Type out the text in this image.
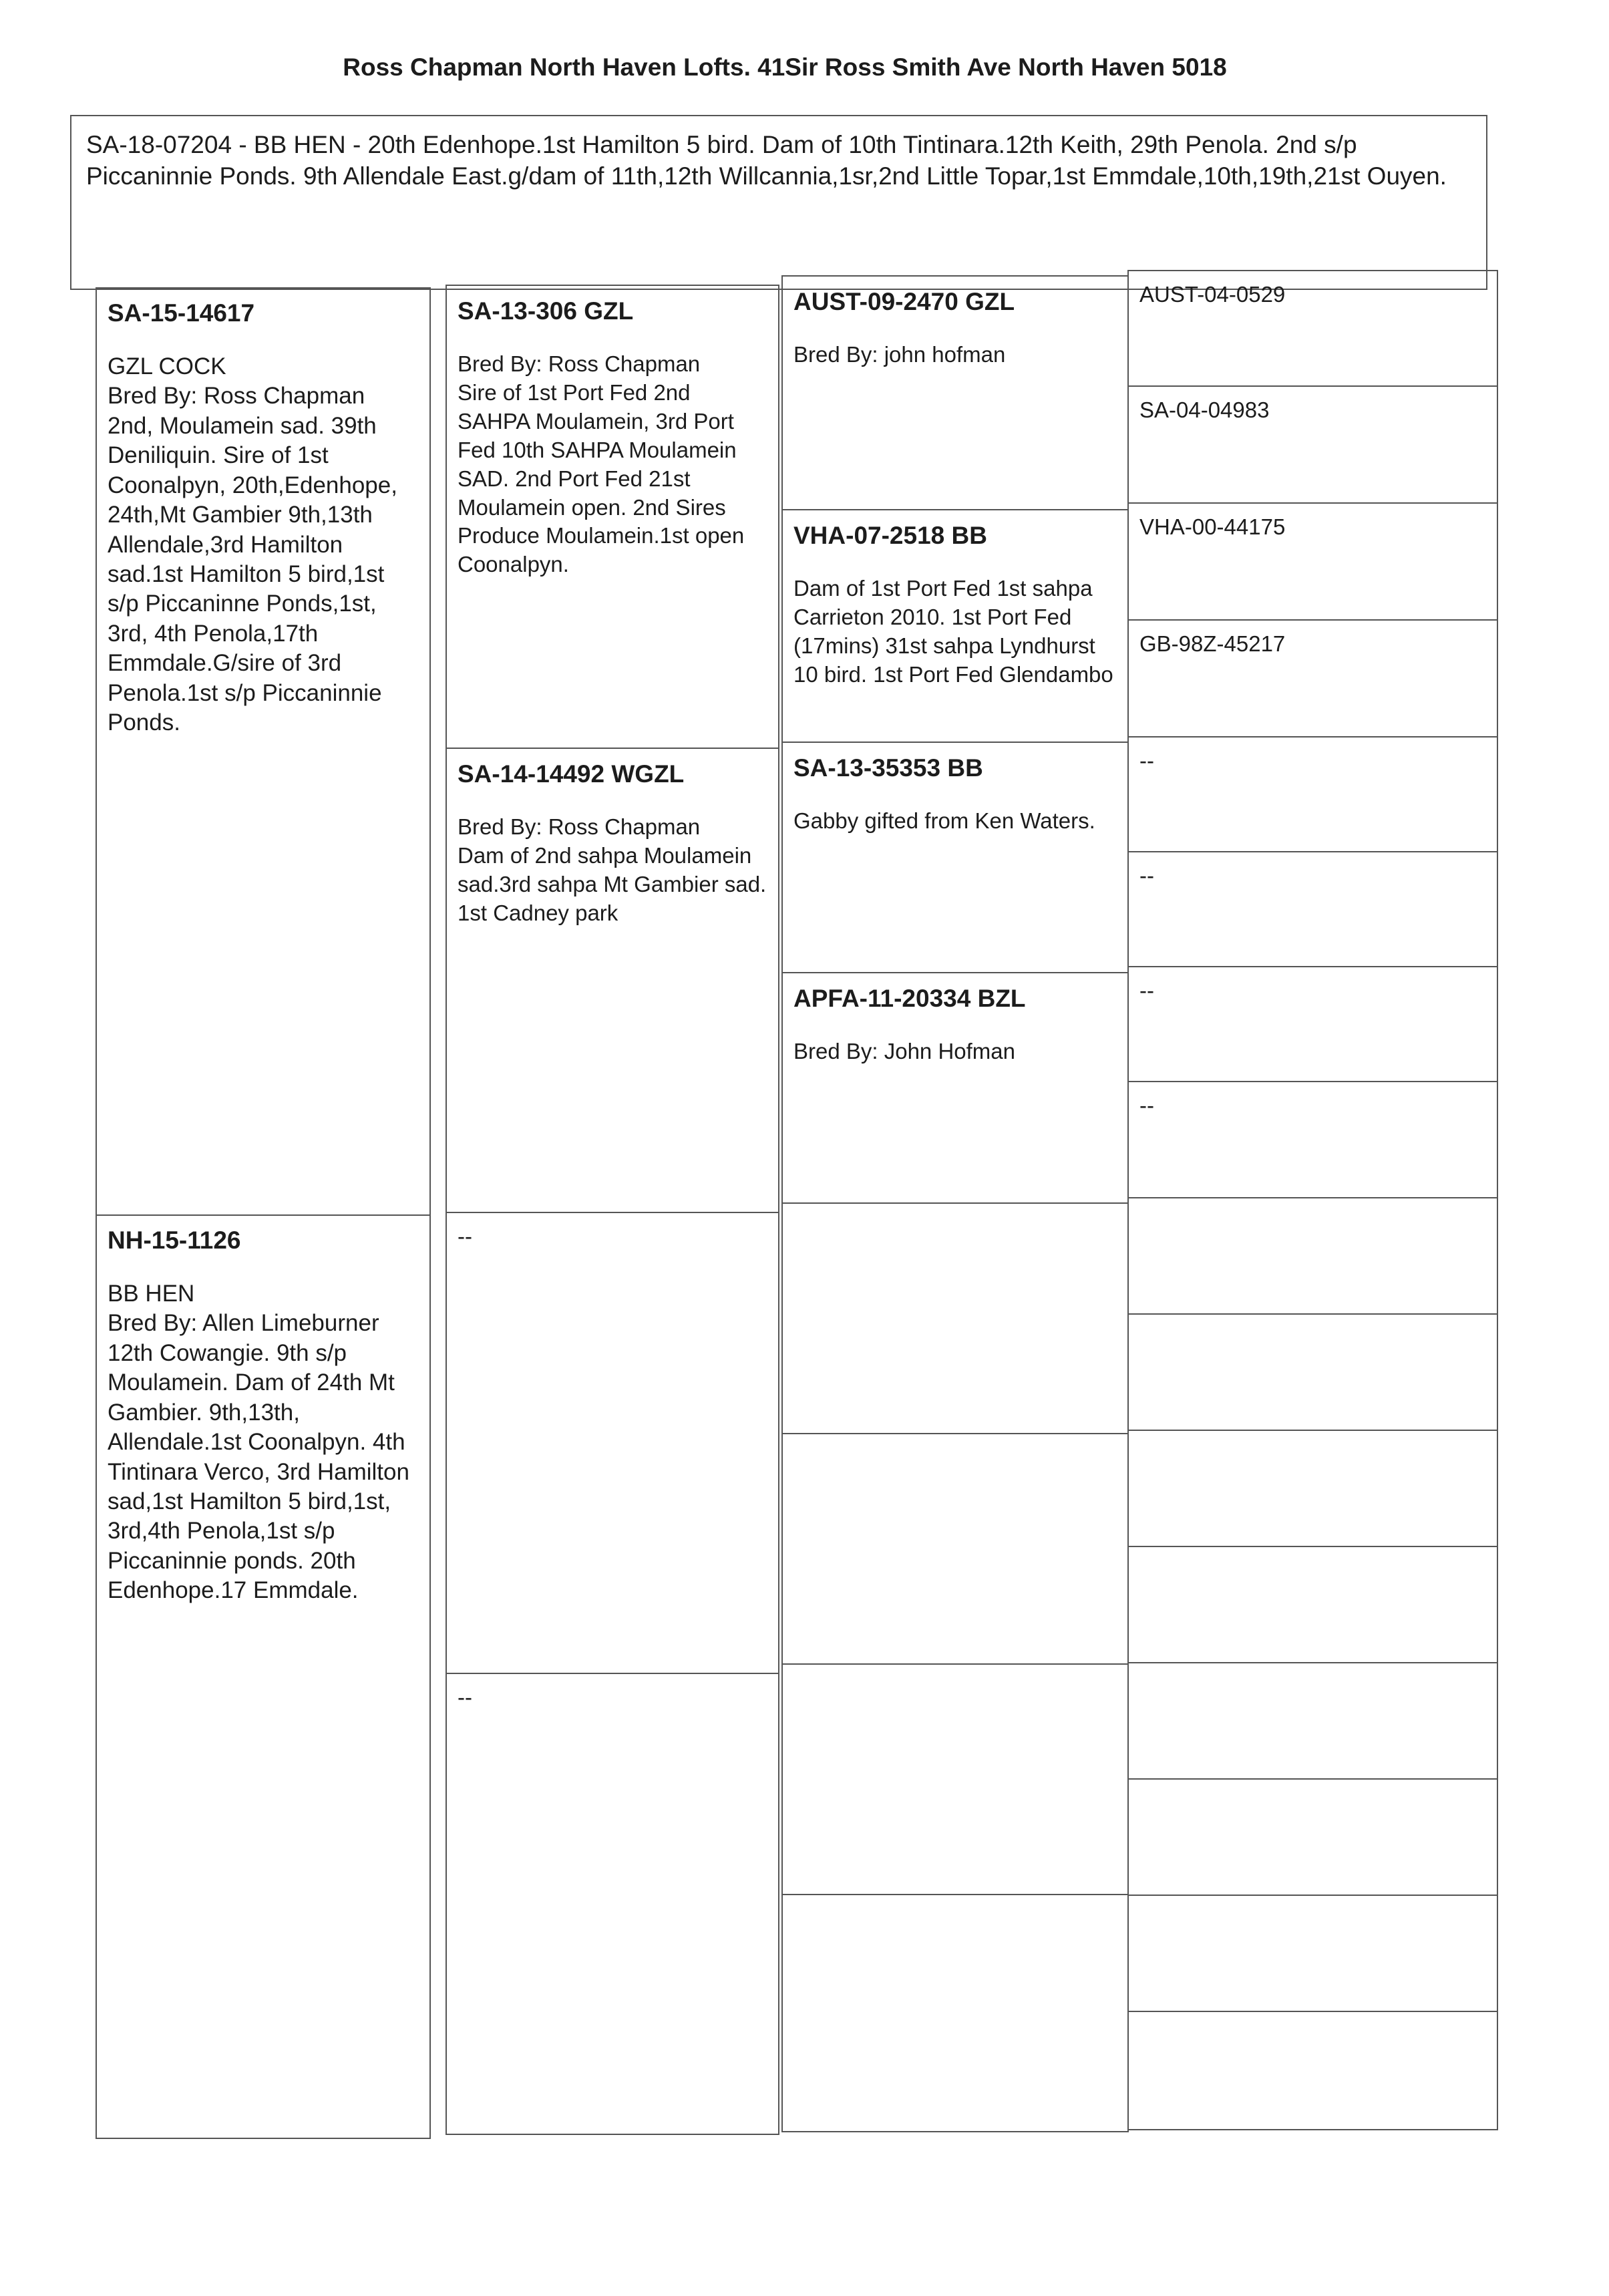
Ross Chapman North Haven Lofts. 41Sir Ross Smith Ave North Haven 5018
SA-18-07204 - BB HEN - 20th Edenhope.1st Hamilton 5 bird. Dam of 10th Tintinara.12th Keith, 29th Penola. 2nd s/p Piccaninnie Ponds. 9th Allendale East.g/dam of 11th,12th Willcannia,1sr,2nd Little Topar,1st Emmdale,10th,19th,21st Ouyen.
SA-15-14617
GZL COCK
Bred By: Ross Chapman
2nd, Moulamein sad. 39th Deniliquin. Sire of 1st Coonalpyn, 20th,Edenhope, 24th,Mt Gambier 9th,13th Allendale,3rd Hamilton sad.1st Hamilton 5 bird,1st s/p Piccaninne Ponds,1st, 3rd, 4th Penola,17th Emmdale.G/sire of 3rd Penola.1st s/p Piccaninnie Ponds.
NH-15-1126
BB HEN
Bred By: Allen Limeburner
12th Cowangie. 9th s/p Moulamein. Dam of 24th Mt Gambier. 9th,13th, Allendale.1st Coonalpyn. 4th Tintinara Verco, 3rd Hamilton sad,1st Hamilton 5 bird,1st, 3rd,4th Penola,1st s/p Piccaninnie ponds. 20th Edenhope.17 Emmdale.
SA-13-306 GZL
Bred By: Ross Chapman
Sire of 1st Port Fed 2nd SAHPA Moulamein, 3rd Port Fed 10th SAHPA Moulamein SAD. 2nd Port Fed 21st Moulamein open. 2nd Sires Produce Moulamein.1st open Coonalpyn.
SA-14-14492 WGZL
Bred By: Ross Chapman
Dam of 2nd sahpa Moulamein sad.3rd sahpa Mt Gambier sad. 1st Cadney park
--
--
AUST-09-2470 GZL
Bred By: john hofman
VHA-07-2518 BB
Dam of 1st Port Fed 1st sahpa Carrieton 2010. 1st Port Fed (17mins) 31st sahpa Lyndhurst 10 bird. 1st Port Fed Glendambo
SA-13-35353 BB
Gabby gifted from Ken Waters.
APFA-11-20334 BZL
Bred By: John Hofman
AUST-04-0529
SA-04-04983
VHA-00-44175
GB-98Z-45217
--
--
--
--
